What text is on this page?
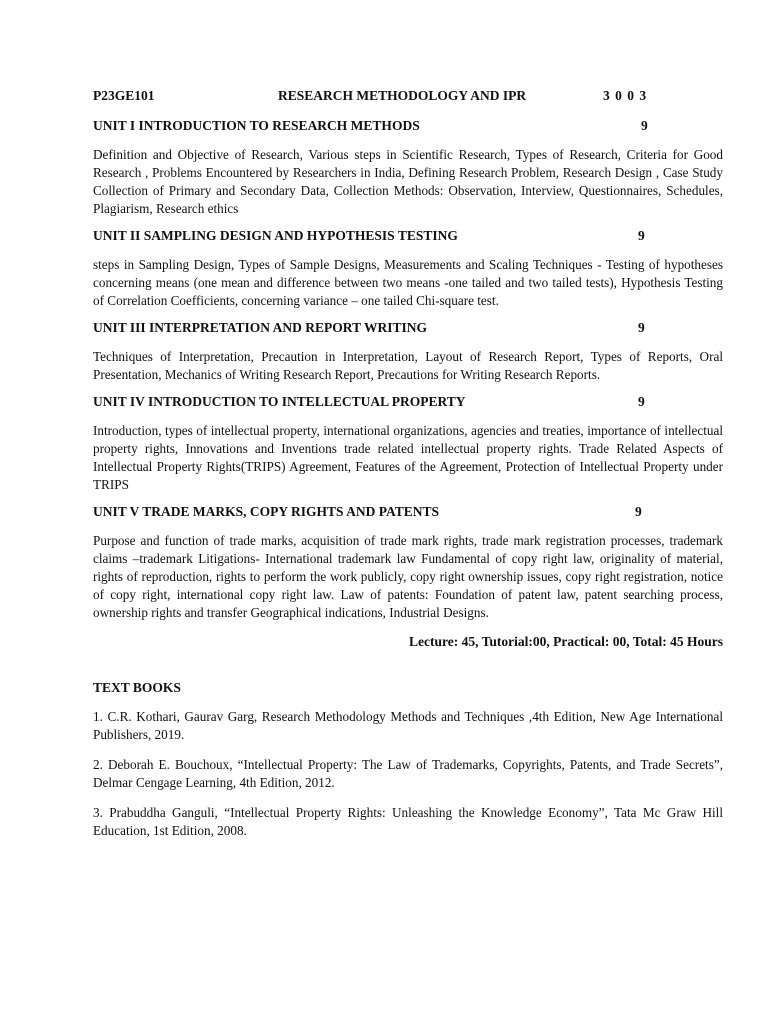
P23GE101	RESEARCH METHODOLOGY AND IPR	3 0 0 3
UNIT I INTRODUCTION TO RESEARCH METHODS	9

Definition and Objective of Research, Various steps in Scientific Research, Types of Research, Criteria for Good Research , Problems Encountered by Researchers in India, Defining Research Problem, Research Design , Case Study Collection of Primary and Secondary Data, Collection Methods: Observation, Interview, Questionnaires, Schedules, Plagiarism, Research ethics

UNIT II SAMPLING DESIGN AND HYPOTHESIS TESTING	9

steps in Sampling Design, Types of Sample Designs, Measurements and Scaling Techniques - Testing of hypotheses concerning means (one mean and difference between two means -one tailed and two tailed tests), Hypothesis Testing of Correlation Coefficients, concerning variance – one tailed Chi-square test.

UNIT III INTERPRETATION AND REPORT WRITING	9

Techniques of Interpretation, Precaution in Interpretation, Layout of Research Report, Types of Reports, Oral Presentation, Mechanics of Writing Research Report, Precautions for Writing Research Reports.

UNIT IV INTRODUCTION TO INTELLECTUAL PROPERTY	9

Introduction, types of intellectual property, international organizations, agencies and treaties, importance of intellectual property rights, Innovations and Inventions trade related intellectual property rights. Trade Related Aspects of Intellectual Property Rights(TRIPS) Agreement, Features of the Agreement, Protection of Intellectual Property under TRIPS

UNIT V TRADE MARKS, COPY RIGHTS AND PATENTS	9

Purpose and function of trade marks, acquisition of trade mark rights, trade mark registration processes, trademark claims –trademark Litigations- International trademark law Fundamental of copy right law, originality of material, rights of reproduction, rights to perform the work publicly, copy right ownership issues, copy right registration, notice of copy right, international copy right law. Law of patents: Foundation of patent law, patent searching process, ownership rights and transfer Geographical indications, Industrial Designs.

Lecture: 45, Tutorial:00, Practical: 00, Total: 45 Hours
TEXT BOOKS

1. C.R. Kothari, Gaurav Garg, Research Methodology Methods and Techniques ,4th Edition, New Age International Publishers, 2019.

2. Deborah E. Bouchoux, “Intellectual Property: The Law of Trademarks, Copyrights, Patents, and Trade Secrets”, Delmar Cengage Learning, 4th Edition, 2012.

3. Prabuddha Ganguli, “Intellectual Property Rights: Unleashing the Knowledge Economy”, Tata Mc Graw Hill Education, 1st Edition, 2008.
